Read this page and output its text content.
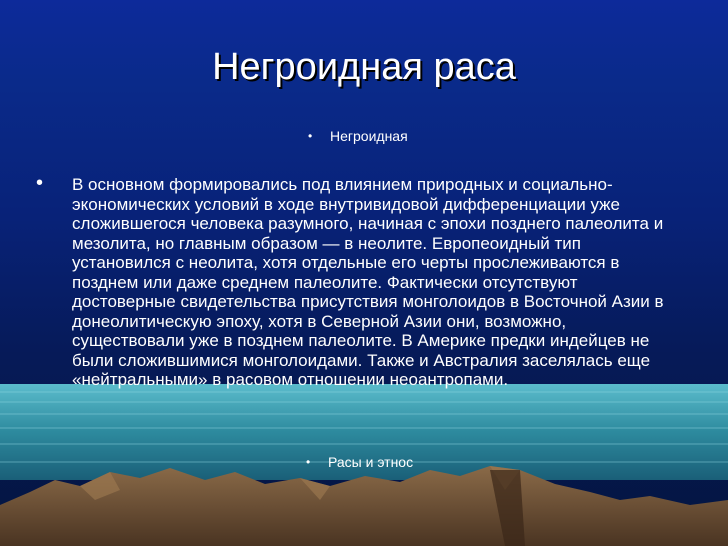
Негроидная раса
• Негроидная
• В основном формировались под влиянием природных и социально-экономических условий в ходе внутривидовой дифференциации уже сложившегося человека разумного, начиная с эпохи позднего палеолита и мезолита, но главным образом — в неолите. Европеоидный тип установился с неолита, хотя отдельные его черты прослеживаются в позднем или даже среднем палеолите. Фактически отсутствуют достоверные свидетельства присутствия монголоидов в Восточной Азии в донеолитическую эпоху, хотя в Северной Азии они, возможно, существовали уже в позднем палеолите. В Америке предки индейцев не были сложившимися монголоидами. Также и Австралия заселялась еще «нейтральными» в расовом отношении неоантропами.
• Расы и этнос
